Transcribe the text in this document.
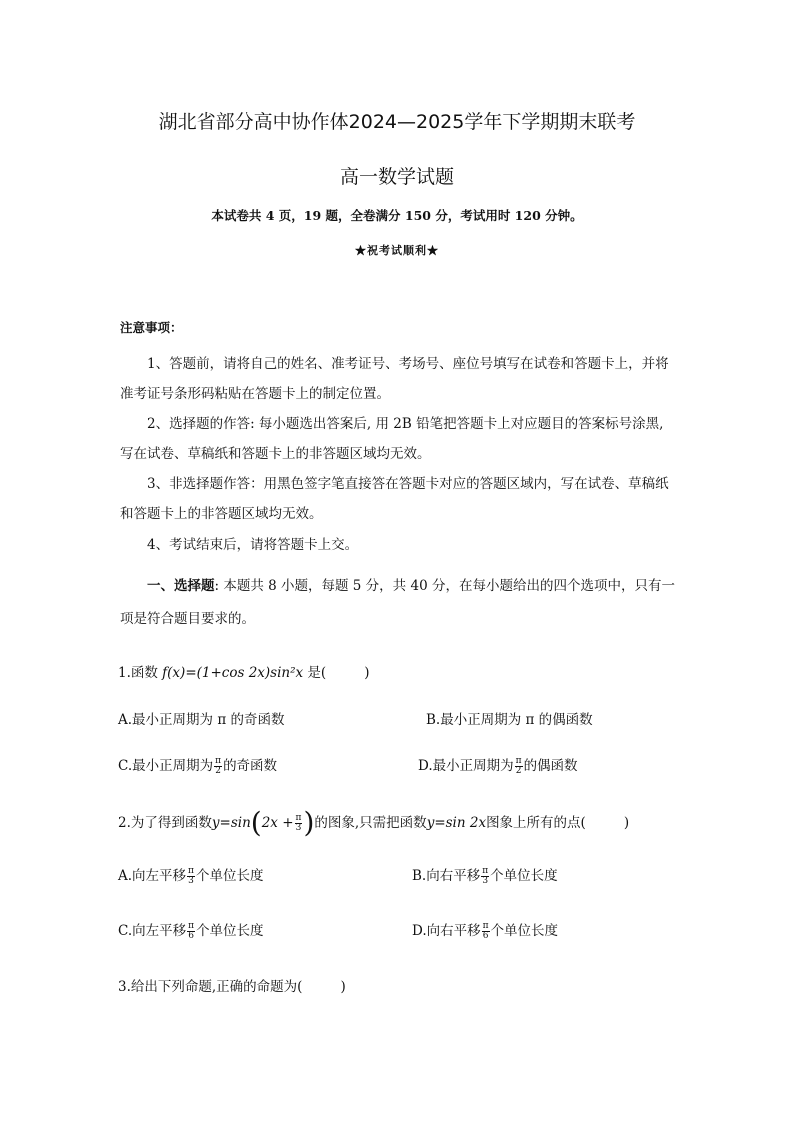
湖北省部分高中协作体2024—2025学年下学期期末联考
高一数学试题
本试卷共 4 页，19 题，全卷满分 150 分，考试用时 120 分钟。
★祝考试顺利★
注意事项：
1、答题前，请将自己的姓名、准考证号、考场号、座位号填写在试卷和答题卡上，并将准考证号条形码粘贴在答题卡上的制定位置。
2、选择题的作答: 每小题选出答案后, 用 2B 铅笔把答题卡上对应题目的答案标号涂黑, 写在试卷、草稿纸和答题卡上的非答题区域均无效。
3、非选择题作答：用黑色签字笔直接答在答题卡对应的答题区域内，写在试卷、草稿纸和答题卡上的非答题区域均无效。
4、考试结束后，请将答题卡上交。
一、选择题: 本题共 8 小题，每题 5 分，共 40 分，在每小题给出的四个选项中，只有一项是符合题目要求的。
1.函数 f(x)=(1+cos 2x)sin²x 是(	)
A.最小正周期为 π 的奇函数	B.最小正周期为 π 的偶函数
C.最小正周期为 $\frac{\pi}{2}$ 的奇函数	D.最小正周期为 $\frac{\pi}{2}$ 的偶函数
2.为了得到函数$y=\sin(2x + \frac{\pi}{3}$ )的图象,只需把函数y=sin 2x图象上所有的点(	)
A.向左平移 $\frac{\pi}{3}$ 个单位长度	B.向右平移 $\frac{\pi}{3}$ 个单位长度
C.向左平移 $\frac{\pi}{6}$ 个单位长度	D.向右平移 $\frac{\pi}{6}$ 个单位长度
3.给出下列命题,正确的命题为(	)
